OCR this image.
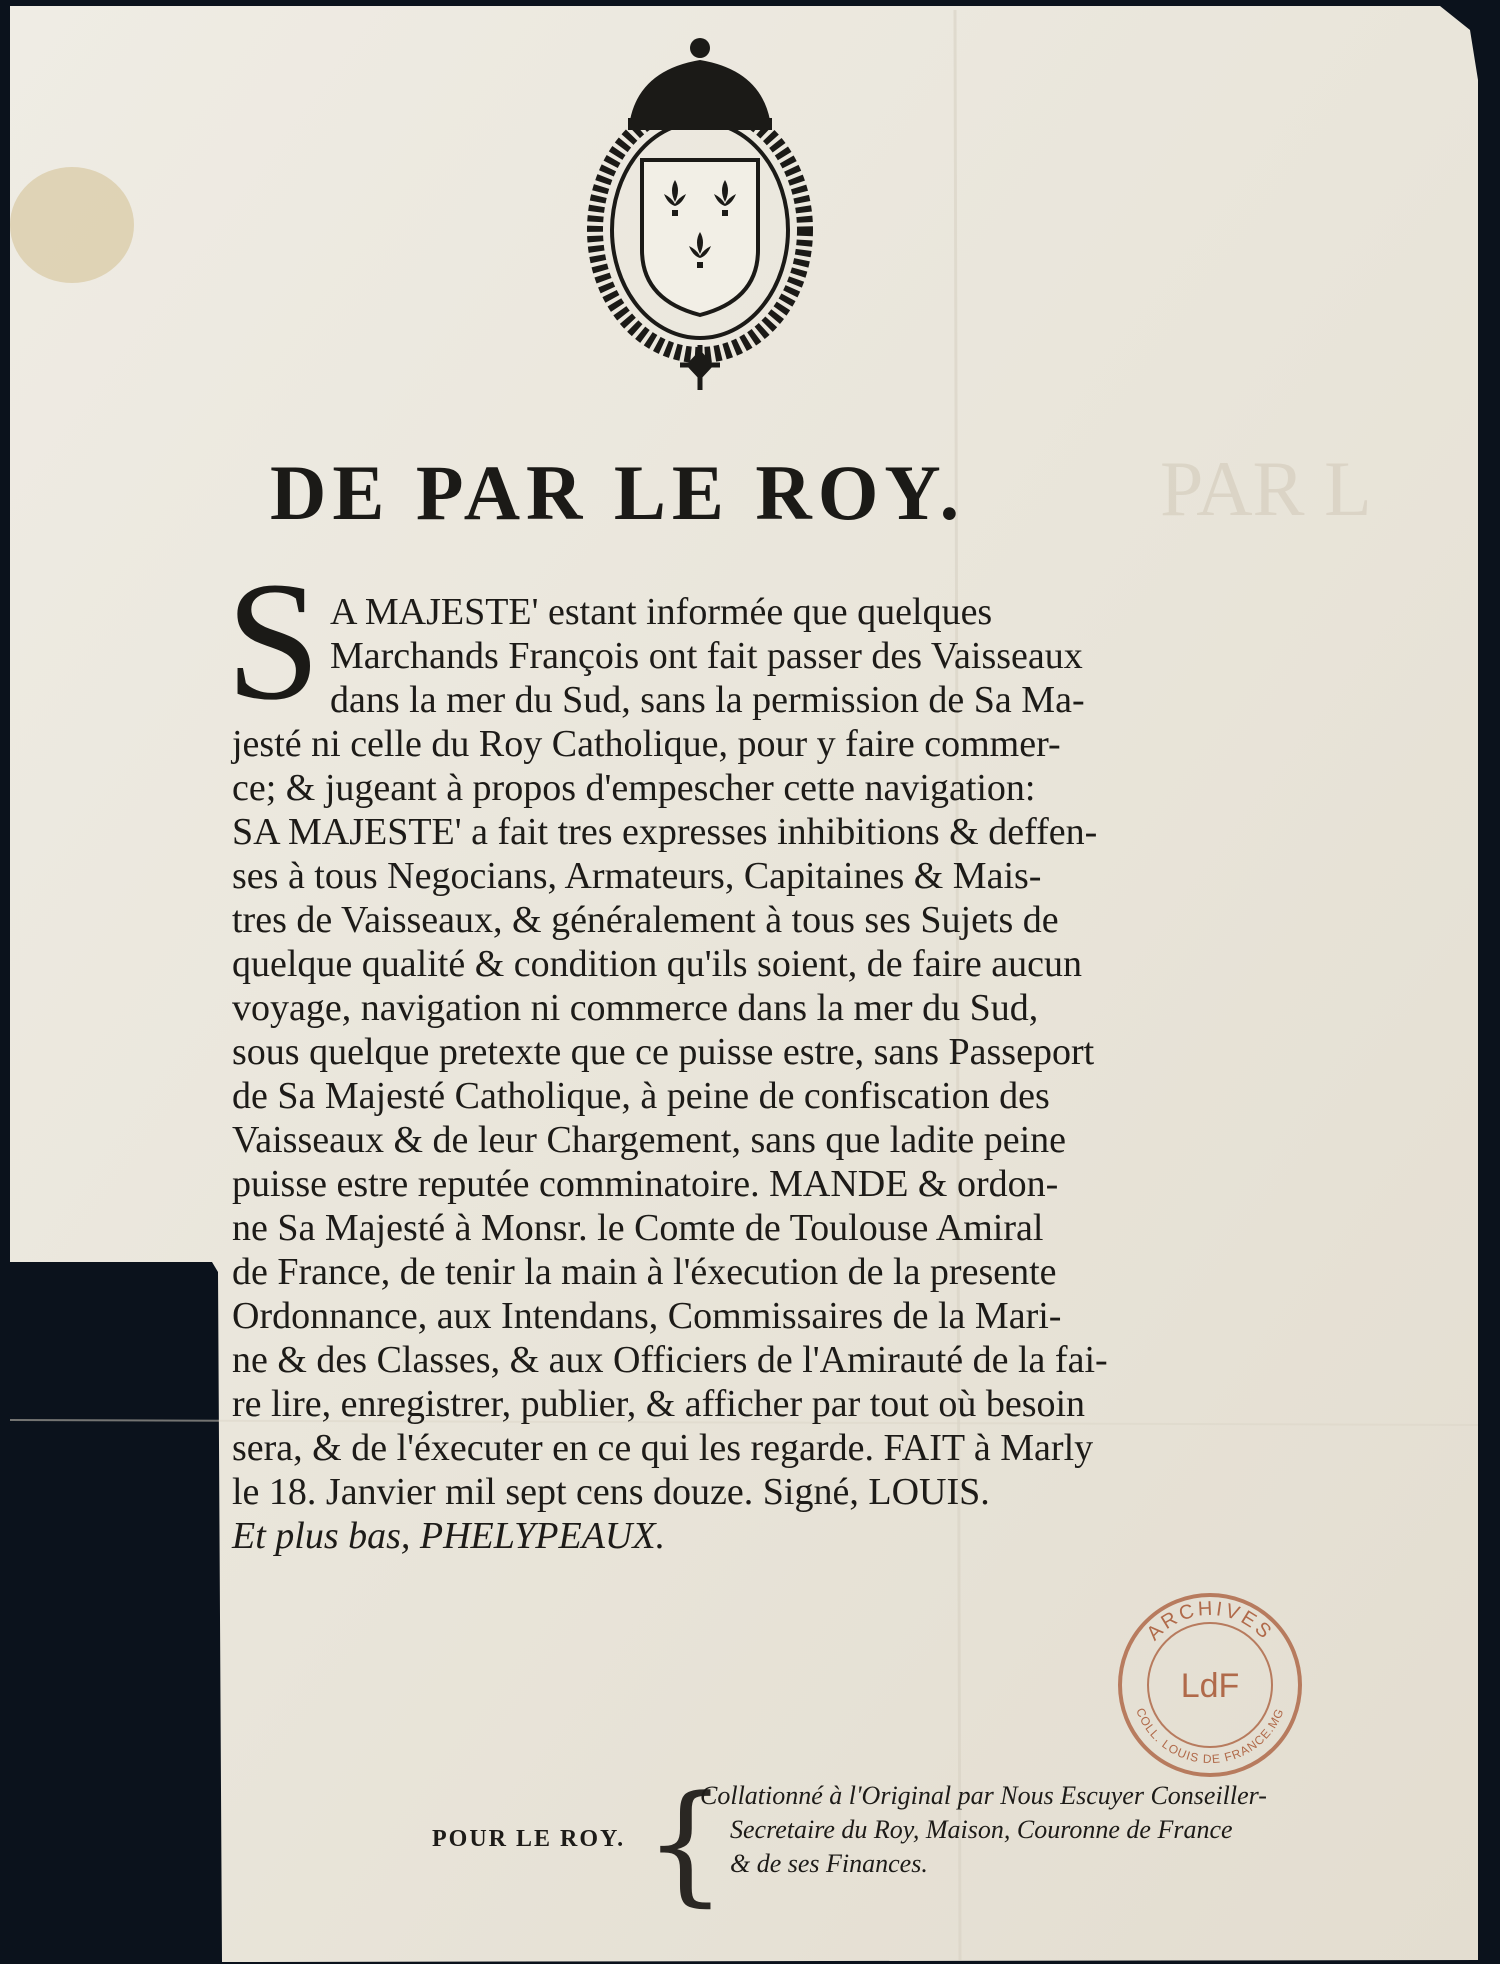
PAR L
DE PAR LE ROY.
S A MAJESTE' estant informée que quelques
Marchands François ont fait passer des Vaisseaux
dans la mer du Sud, sans la permission de Sa Ma-
jesté ni celle du Roy Catholique, pour y faire commer-
ce; & jugeant à propos d'empescher cette navigation:
SA MAJESTE' a fait tres expresses inhibitions & deffen-
ses à tous Negocians, Armateurs, Capitaines & Mais-
tres de Vaisseaux, & généralement à tous ses Sujets de
quelque qualité & condition qu'ils soient, de faire aucun
voyage, navigation ni commerce dans la mer du Sud,
sous quelque pretexte que ce puisse estre, sans Passeport
de Sa Majesté Catholique, à peine de confiscation des
Vaisseaux & de leur Chargement, sans que ladite peine
puisse estre reputée comminatoire. MANDE & ordon-
ne Sa Majesté à Monsr. le Comte de Toulouse Amiral
de France, de tenir la main à l'éxecution de la presente
Ordonnance, aux Intendans, Commissaires de la Mari-
ne & des Classes, & aux Officiers de l'Amirauté de la fai-
re lire, enregistrer, publier, & afficher par tout où besoin
sera, & de l'éxecuter en ce qui les regarde. FAIT à Marly
le 18. Janvier mil sept cens douze. Signé, LOUIS.
Et plus bas, PHELYPEAUX.
POUR LE ROY. {
Collationné à l'Original par Nous Escuyer Conseiller-
Secretaire du Roy, Maison, Couronne de France
& de ses Finances.
ARCHIVES
LdF
COLL. LOUIS DE FRANCE.MG
